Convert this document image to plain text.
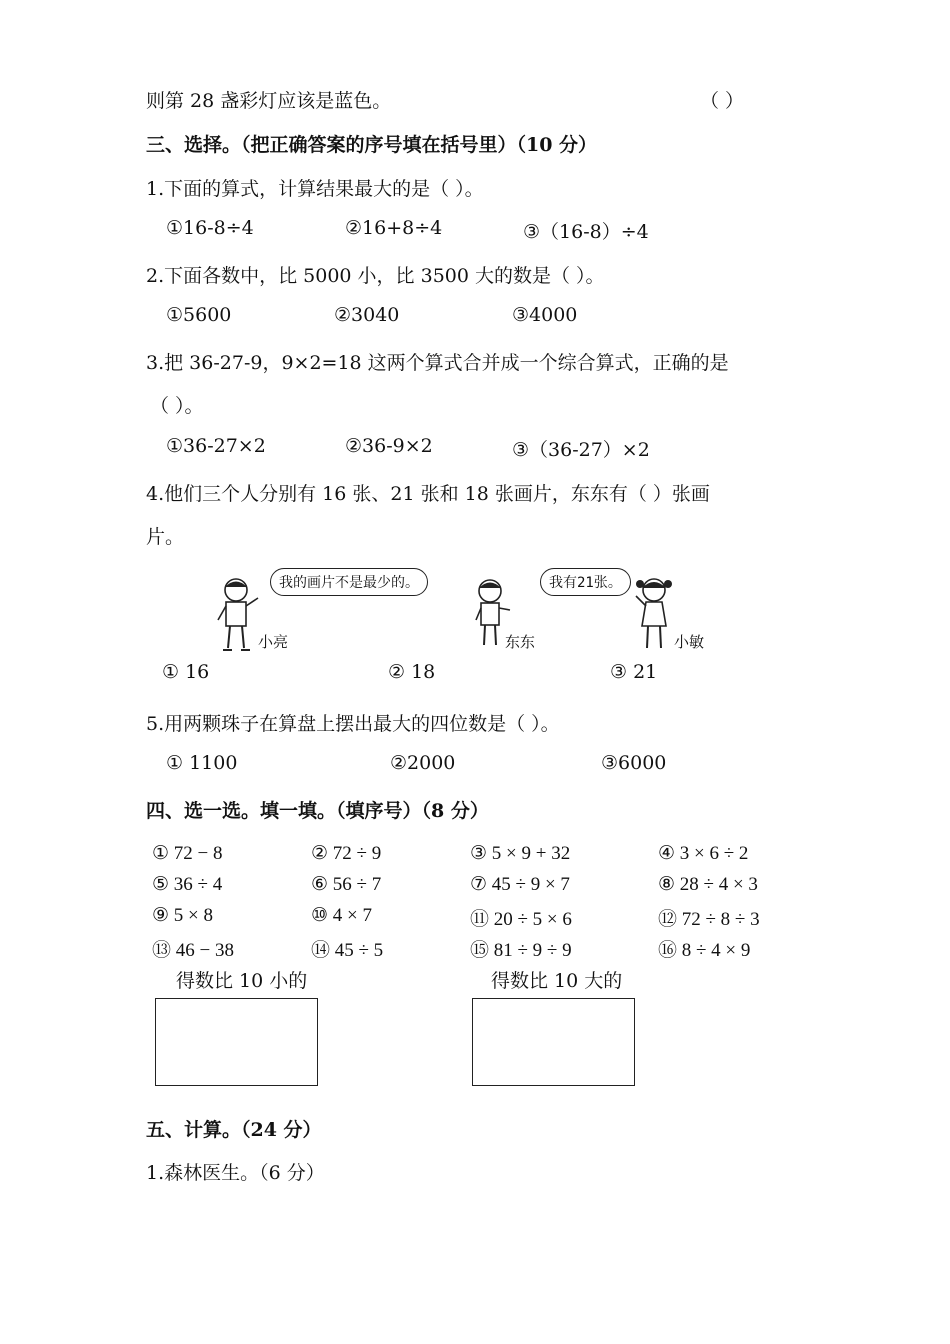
则第 28 盏彩灯应该是蓝色。	（ ）
三、选择。（把正确答案的序号填在括号里）（10 分）
1.下面的算式，计算结果最大的是（ ）。
①16-8÷4	②16+8÷4	③（16-8）÷4
2.下面各数中，比 5000 小，比 3500 大的数是（ ）。
①5600	②3040	③4000
3.把 36-27-9，9×2=18 这两个算式合并成一个综合算式，正确的是
（ ）。
①36-27×2	②36-9×2	③（36-27）×2
4.他们三个人分别有 16 张、21 张和 18 张画片，东东有（ ）张画
片。
我的画片不是最少的。
小亮	东东
我有21张。
小敏
① 16	② 18	③ 21
5.用两颗珠子在算盘上摆出最大的四位数是（ ）。
① 1100	②2000	③6000
四、选一选。填一填。（填序号）（8 分）
① 72 − 8	② 72 ÷ 9	③ 5 × 9 + 32	④ 3 × 6 ÷ 2
⑤ 36 ÷ 4	⑥ 56 ÷ 7	⑦ 45 ÷ 9 × 7	⑧ 28 ÷ 4 × 3
⑨ 5 × 8	⑩ 4 × 7	⑪ 20 ÷ 5 × 6	⑫ 72 ÷ 8 ÷ 3
⑬ 46 − 38	⑭ 45 ÷ 5	⑮ 81 ÷ 9 ÷ 9	⑯ 8 ÷ 4 × 9
得数比 10 小的	得数比 10 大的
五、计算。（24 分）
1.森林医生。（6 分）
